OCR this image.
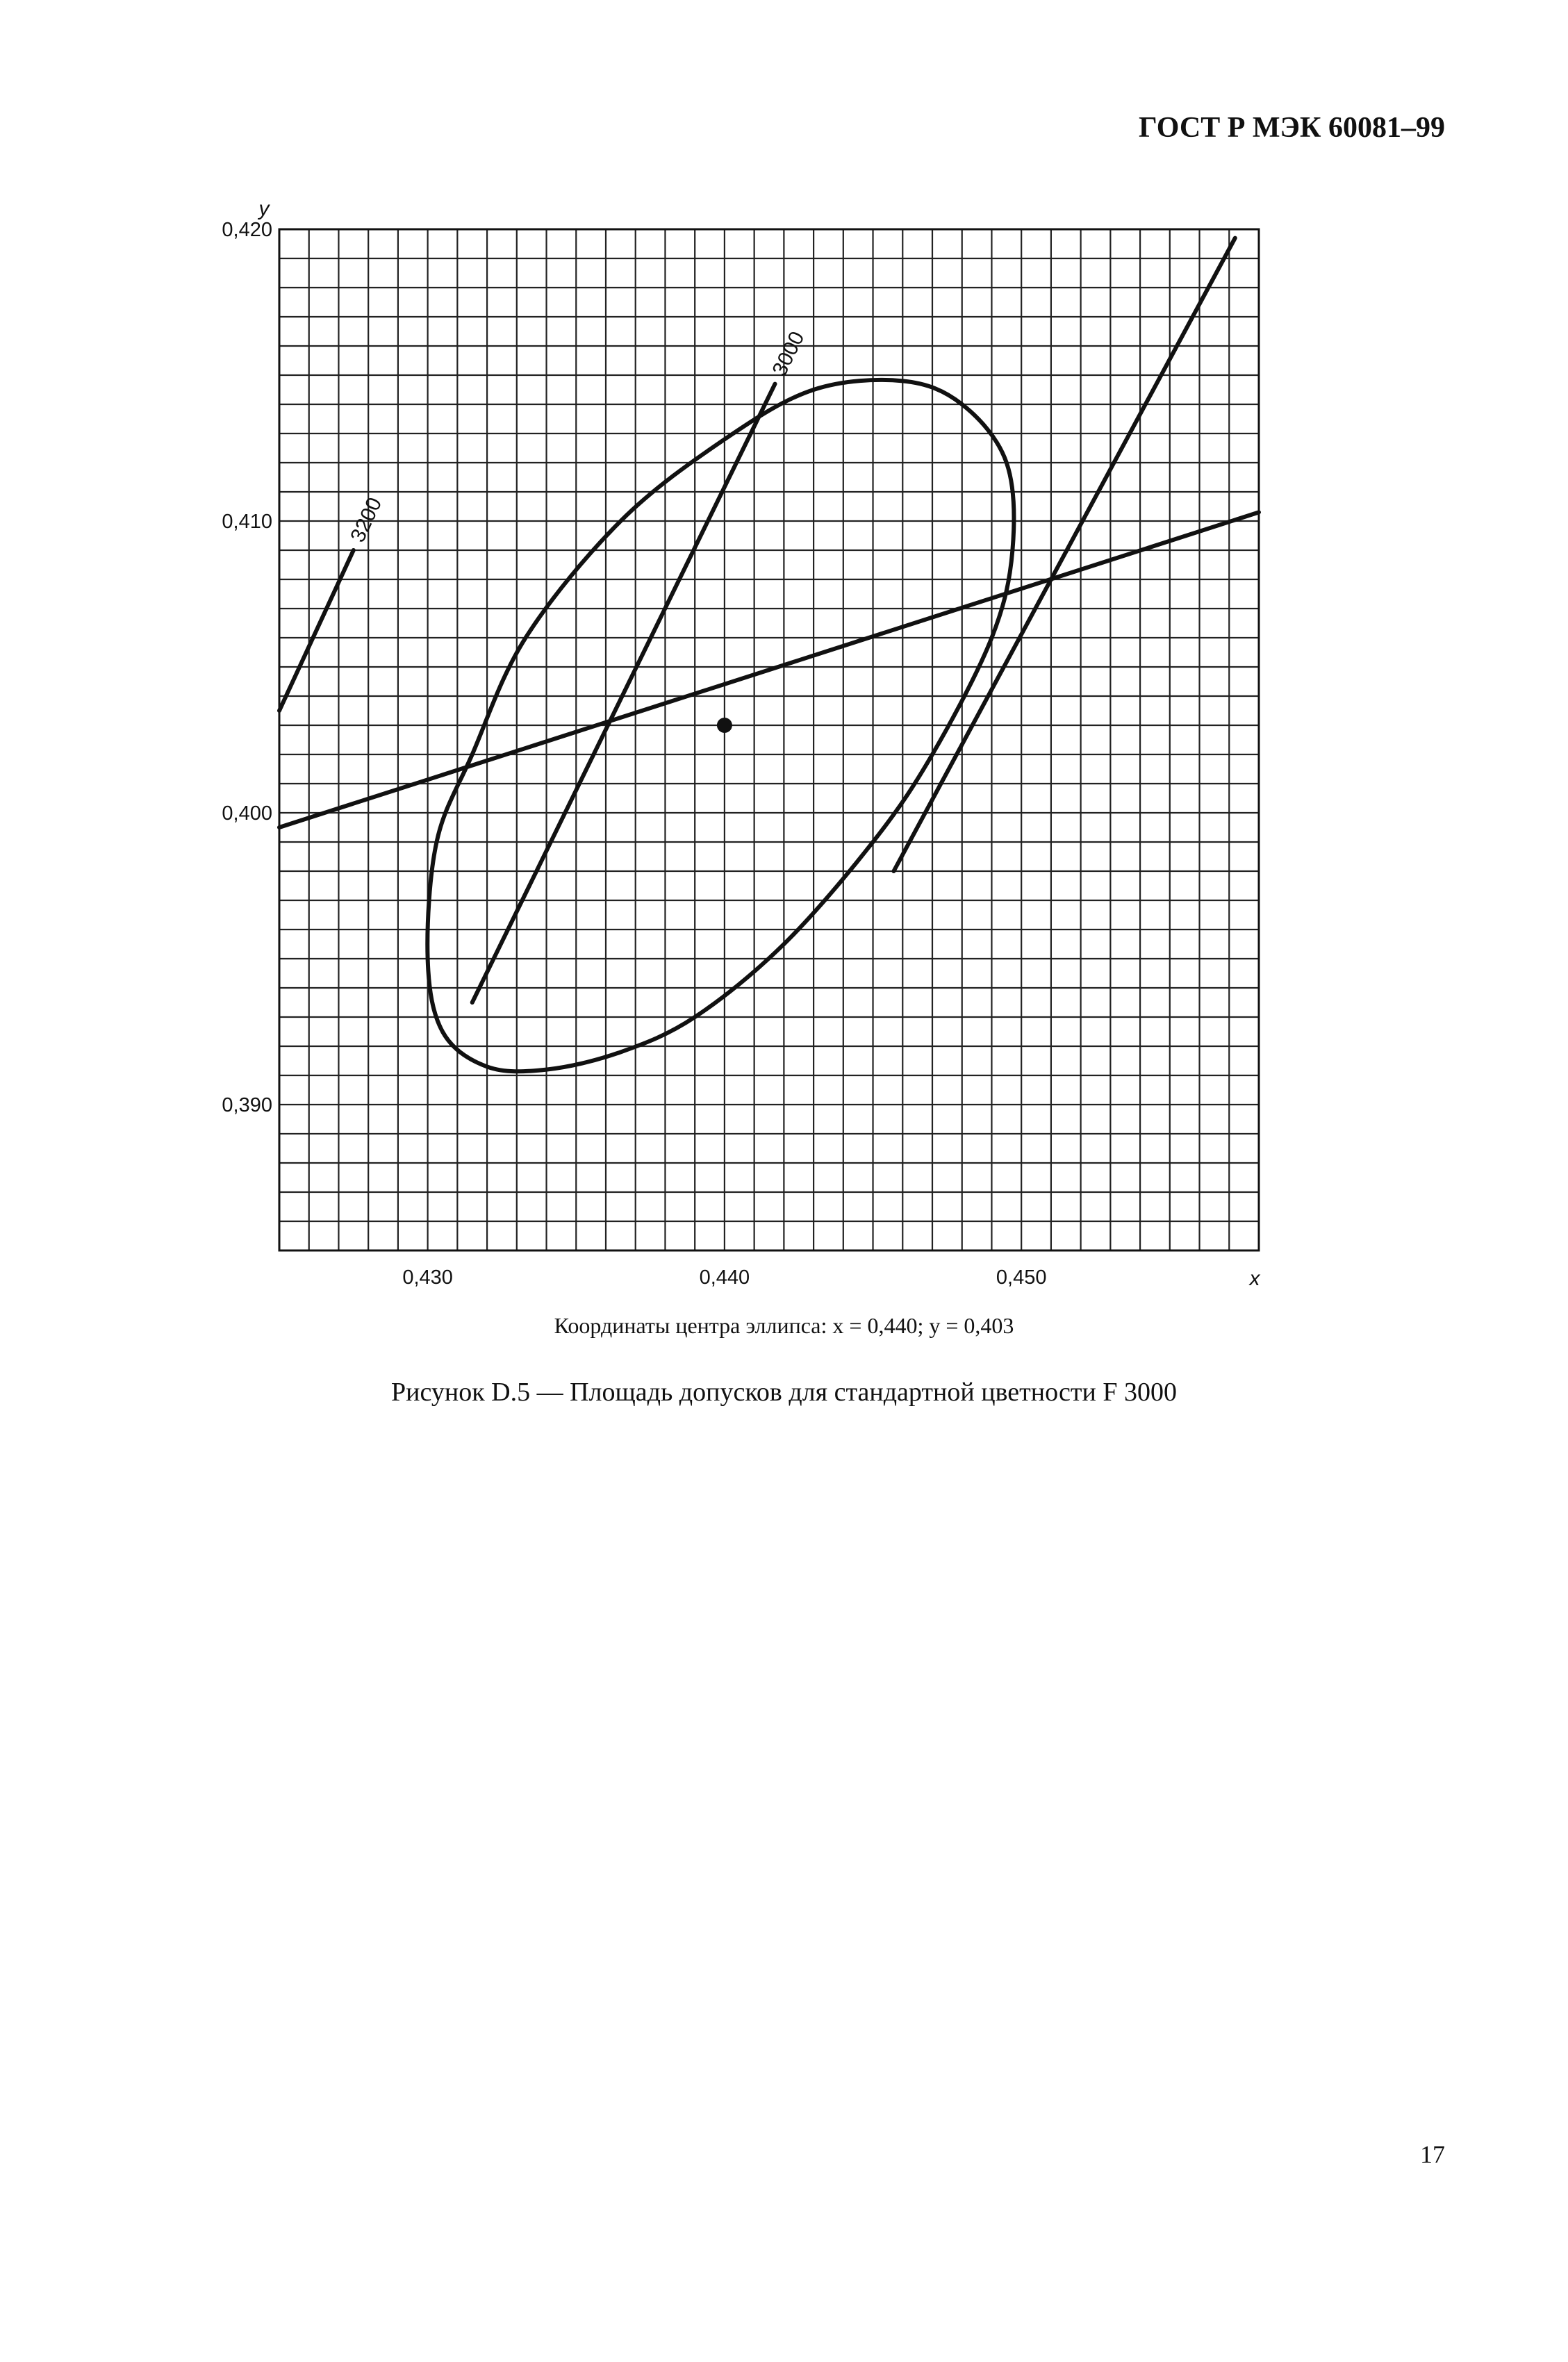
ГОСТ Р МЭК 60081–99
0,430	0,440	0,450
0,420
0,410
0,400
0,390
x
y
3000
3200
Координаты центра эллипса: x = 0,440; y = 0,403
Рисунок D.5 — Площадь допусков для стандартной цветности F 3000
17
